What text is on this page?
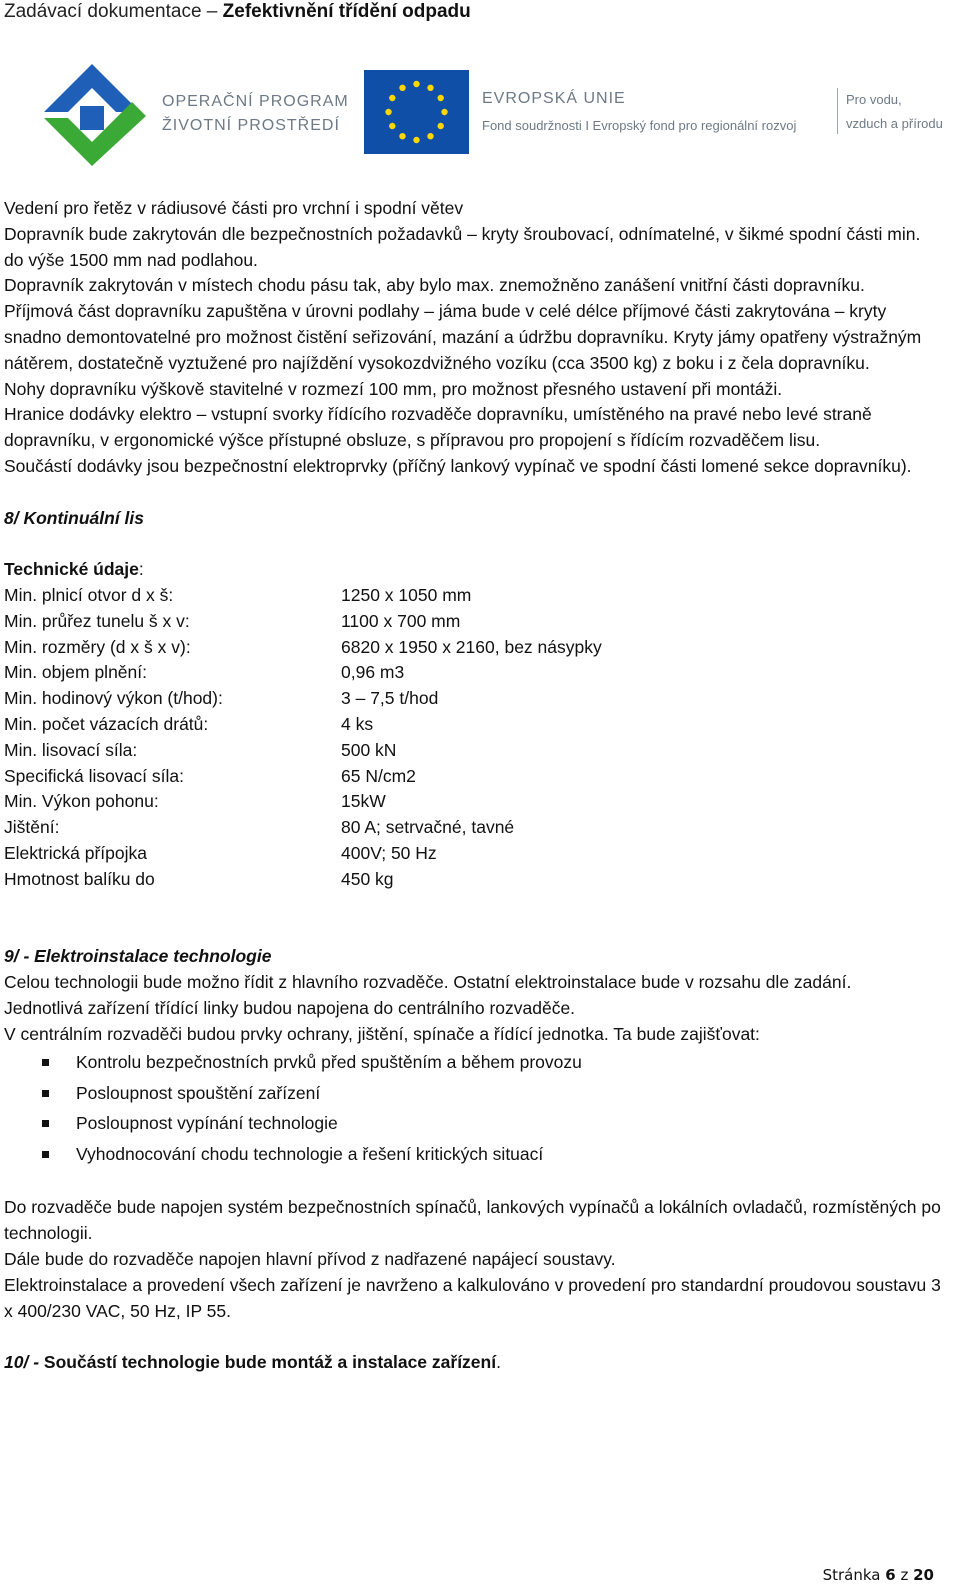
Zadávací dokumentace – Zefektivnění třídění odpadu
OPERAČNÍ PROGRAM
ŽIVOTNÍ PROSTŘEDÍ
EVROPSKÁ UNIE
Fond soudržnosti I Evropský fond pro regionální rozvoj
Pro vodu,
vzduch a přírodu

Vedení pro řetěz v rádiusové části pro vrchní i spodní větev

Dopravník bude zakrytován dle bezpečnostních požadavků – kryty šroubovací, odnímatelné, v šikmé spodní části min. do výše 1500 mm nad podlahou.

Dopravník zakrytován v místech chodu pásu tak, aby bylo max. znemožněno zanášení vnitřní části dopravníku.

Příjmová část dopravníku zapuštěna v úrovni podlahy – jáma bude v celé délce příjmové části zakrytována – kryty snadno demontovatelné pro možnost čistění seřizování, mazání a údržbu dopravníku. Kryty jámy opatřeny výstražným nátěrem, dostatečně vyztužené pro najíždění vysokozdvižného vozíku (cca 3500 kg) z boku i z čela dopravníku.

Nohy dopravníku výškově stavitelné v rozmezí 100 mm, pro možnost přesného ustavení při montáži.

Hranice dodávky elektro – vstupní svorky řídícího rozvaděče dopravníku, umístěného na pravé nebo levé straně dopravníku, v ergonomické výšce přístupné obsluze, s přípravou pro propojení s řídícím rozvaděčem lisu.

Součástí dodávky jsou bezpečnostní elektroprvky (příčný lankový vypínač ve spodní části lomené sekce dopravníku).

8/ Kontinuální lis

Technické údaje:

Min. plnicí otvor d x š:	1250 x 1050 mm
Min. průřez tunelu š x v:	1100 x 700 mm
Min. rozměry (d x š x v):	6820 x 1950 x 2160, bez násypky
Min. objem plnění:	0,96 m3
Min. hodinový výkon (t/hod):	3 – 7,5 t/hod
Min. počet vázacích drátů:	4 ks
Min. lisovací síla:	500 kN
Specifická lisovací síla:	65 N/cm2
Min. Výkon pohonu:	15kW
Jištění:	80 A; setrvačné, tavné
Elektrická přípojka	400V; 50 Hz
Hmotnost balíku do	450 kg

9/ - Elektroinstalace technologie

Celou technologii bude možno řídit z hlavního rozvaděče. Ostatní elektroinstalace bude v rozsahu dle zadání.

Jednotlivá zařízení třídící linky budou napojena do centrálního rozvaděče.

V centrálním rozvaděči budou prvky ochrany, jištění, spínače a řídící jednotka. Ta bude zajišťovat:

Kontrolu bezpečnostních prvků před spuštěním a během provozu
Posloupnost spouštění zařízení
Posloupnost vypínání technologie
Vyhodnocování chodu technologie a řešení kritických situací

Do rozvaděče bude napojen systém bezpečnostních spínačů, lankových vypínačů a lokálních ovladačů, rozmístěných po technologii.

Dále bude do rozvaděče napojen hlavní přívod z nadřazené napájecí soustavy.

Elektroinstalace a provedení všech zařízení je navrženo a kalkulováno v provedení pro standardní proudovou soustavu 3 x 400/230 VAC, 50 Hz, IP 55.

10/ - Součástí technologie bude montáž a instalace zařízení.

Stránka 6 z 20
